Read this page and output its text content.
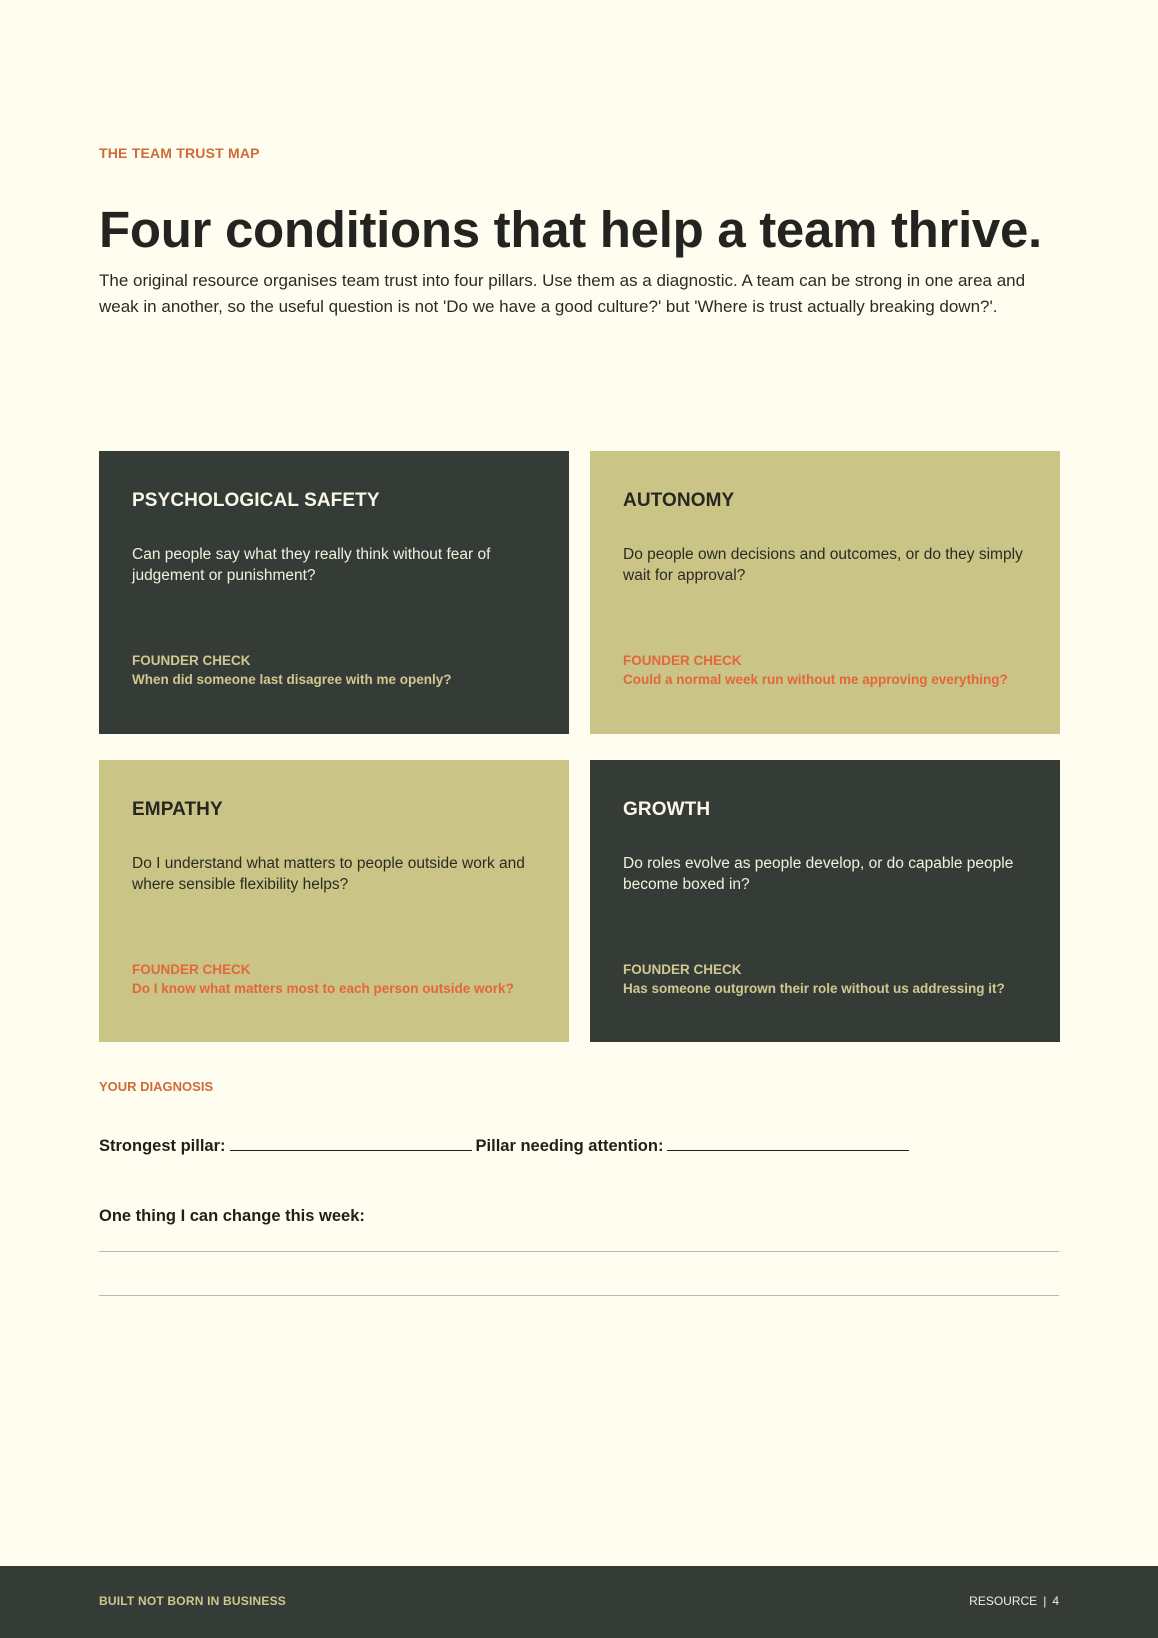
THE TEAM TRUST MAP
Four conditions that help a team thrive.

The original resource organises team trust into four pillars. Use them as a diagnostic. A team can be strong in one area and weak in another, so the useful question is not 'Do we have a good culture?' but 'Where is trust actually breaking down?'.

PSYCHOLOGICAL SAFETY

Can people say what they really think without fear of judgement or punishment?

FOUNDER CHECK
When did someone last disagree with me openly?
AUTONOMY

Do people own decisions and outcomes, or do they simply wait for approval?

FOUNDER CHECK
Could a normal week run without me approving everything?
EMPATHY

Do I understand what matters to people outside work and where sensible flexibility helps?

FOUNDER CHECK
Do I know what matters most to each person outside work?
GROWTH

Do roles evolve as people develop, or do capable people become boxed in?

FOUNDER CHECK
Has someone outgrown their role without us addressing it?
YOUR DIAGNOSIS
Strongest pillar:	Pillar needing attention:
One thing I can change this week:
BUILT NOT BORN IN BUSINESS	RESOURCE | 4
